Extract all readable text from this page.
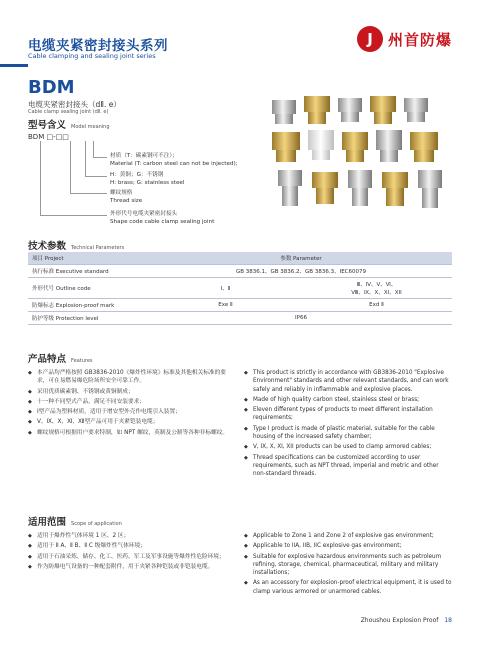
电缆夹紧密封接头系列
Cable clamping and sealing joint series
J	州首防爆
BDM
电缆夹紧密封接头（dⅡ. e）
Cable clamp sealing joint (dⅡ. e)
型号含义 Model meaning
BDM □-□□
材质（T：碳素钢可不注）；
Material (T: carbon steel can not be injected);
H：黄铜；G：不锈钢
H: brass; G: stainless steel
螺纹规格
Thread size
外形代号电缆夹紧密封接头
Shape code cable clamp sealing joint
技术参数 Technical Parameters
项目 Project	参数 Parameter	
执行标准 Executive standard	GB 3836.1、GB 3836.2、GB 3836.3、IEC60079	
外形代号 Outline code	Ⅰ、Ⅱ	Ⅲ、Ⅳ、Ⅴ、Ⅵ、
Ⅷ、Ⅸ、X、XI、XII

防爆标志 Explosion-proof mark	Exe Ⅱ	Exd Ⅱ
防护等级 Protection level	IP66	
产品特点 Features
◆ 本产品均严格按照 GB3836-2010《爆炸性环境》标准及其他相关标准的要求，可在易燃易爆危险场所安全可靠工作。
◆ 采用优质碳素钢、不锈钢或黄铜制成；
◆ 十一种不同型式产品，满足不同安装要求；
◆ Ⅰ型产品为塑料材质，适用于增安型外壳作电缆引入装置；
◆ Ⅴ、Ⅸ、Ⅹ、Ⅺ、Ⅻ型产品可用于夹紧铠装电缆；
◆ 螺纹规格可根据用户要求特制，如 NPT 螺纹，英制及公制等各种非标螺纹。
◆ This product is strictly in accordance with GB3836-2010 "Explosive Environment" standards and other relevant standards, and can work safely and reliably in inflammable and explosive places.
◆ Made of high quality carbon steel, stainless steel or brass;
◆ Eleven different types of products to meet different installation requirements;
◆ Type I product is made of plastic material, suitable for the cable housing of the increased safety chamber;
◆ V, IX, X, XI, XII products can be used to clamp armored cables;
◆ Thread specifications can be customized according to user requirements, such as NPT thread, imperial and metric and other non-standard threads.
适用范围 Scope of application
◆ 适用于爆炸性气体环境 1 区、2 区；
◆ 适用于 Ⅱ A、Ⅱ B、Ⅱ C 级爆炸性气体环境；
◆ 适用于石油采炼、储存、化工、医药、军工及军事设施等爆炸性危险环境；
◆ 作为防爆电气设备的一种配套附件，用于夹紧各种铠装或非铠装电缆。
◆ Applicable to Zone 1 and Zone 2 of explosive gas environment;
◆ Applicable to IIA, IIB, IIC explosive gas environment;
◆ Suitable for explosive hazardous environments such as petroleum refining, storage, chemical, pharmaceutical, military and military installations;
◆ As an accessory for explosion-proof electrical equipment, it is used to clamp various armored or unarmored cables.
Zhoushou Explosion Proof 18
